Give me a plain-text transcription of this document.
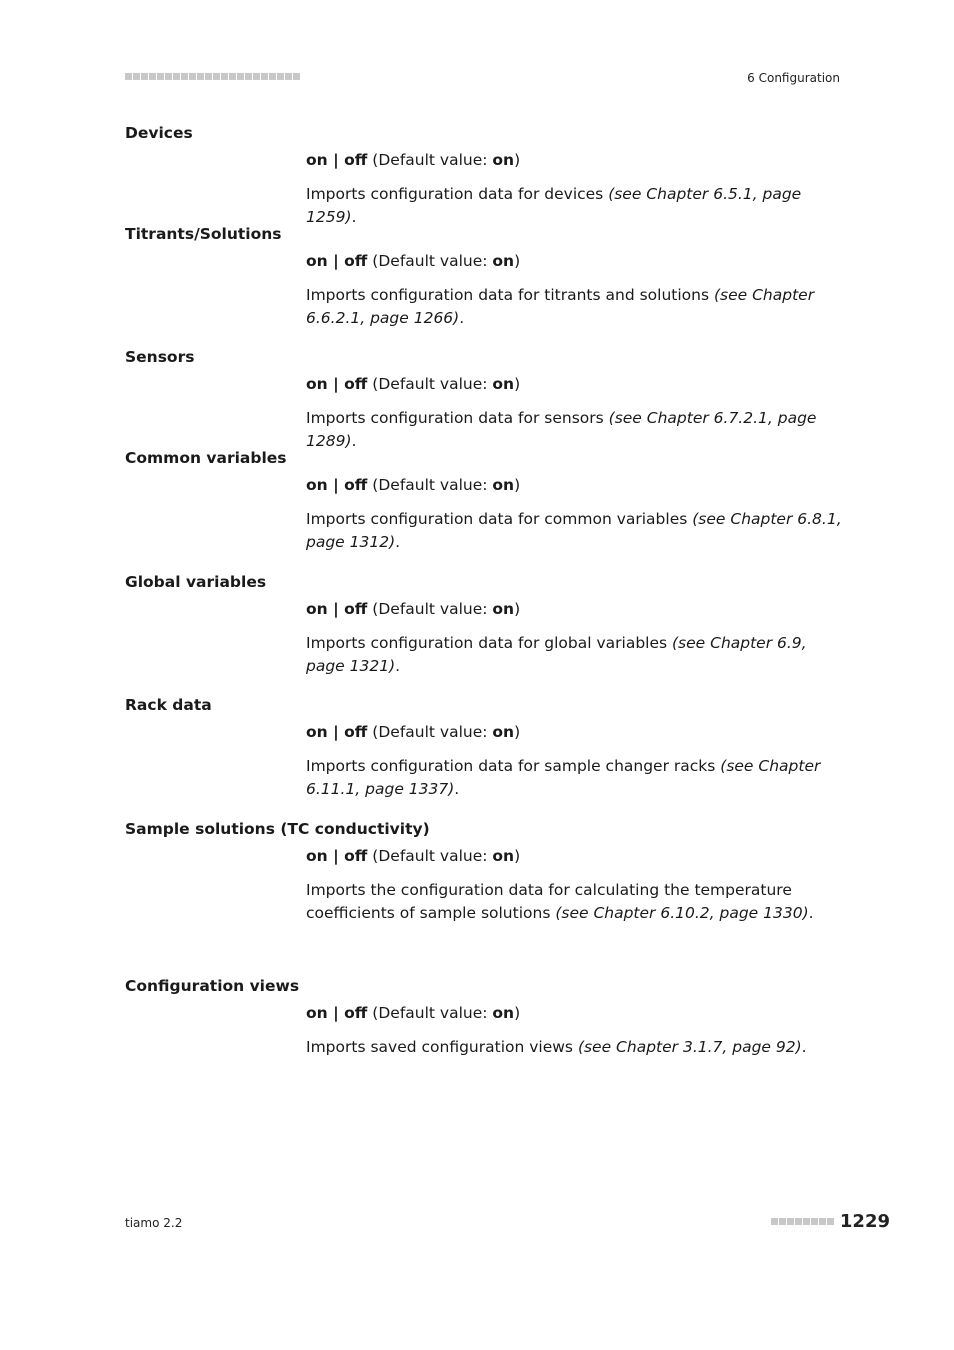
6 Configuration
Devices
on | off (Default value: on)
Imports configuration data for devices (see Chapter 6.5.1, page 1259).
Titrants/Solutions
on | off (Default value: on)
Imports configuration data for titrants and solutions (see Chapter 6.6.2.1, page 1266).
Sensors
on | off (Default value: on)
Imports configuration data for sensors (see Chapter 6.7.2.1, page 1289).
Common variables
on | off (Default value: on)
Imports configuration data for common variables (see Chapter 6.8.1, page 1312).
Global variables
on | off (Default value: on)
Imports configuration data for global variables (see Chapter 6.9, page 1321).
Rack data
on | off (Default value: on)
Imports configuration data for sample changer racks (see Chapter 6.11.1, page 1337).
Sample solutions (TC conductivity)
on | off (Default value: on)
Imports the configuration data for calculating the temperature coefficients of sample solutions (see Chapter 6.10.2, page 1330).
Configuration views
on | off (Default value: on)
Imports saved configuration views (see Chapter 3.1.7, page 92).
tiamo 2.2	1229
